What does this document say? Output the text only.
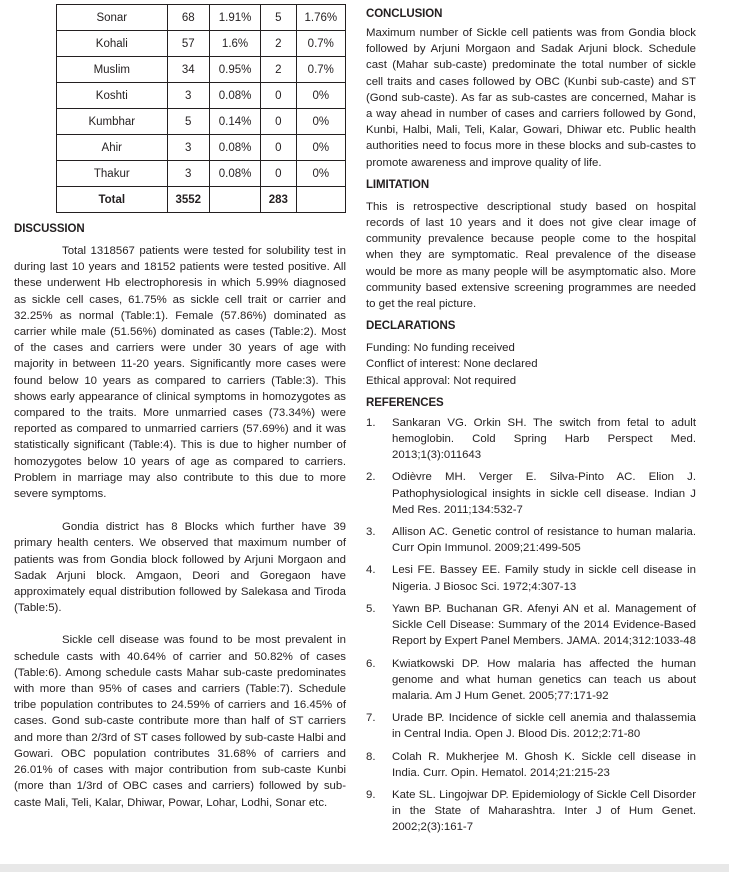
Sonar	68	1.91%	5	1.76%
Kohali	57	1.6%	2	0.7%
Muslim	34	0.95%	2	0.7%
Koshti	3	0.08%	0	0%
Kumbhar	5	0.14%	0	0%
Ahir	3	0.08%	0	0%
Thakur	3	0.08%	0	0%
Total	3552		283	
DISCUSSION

Total 1318567 patients were tested for solubility test in during last 10 years and 18152 patients were tested positive. All these underwent Hb electrophoresis in which 5.99% diagnosed as sickle cell cases, 61.75% as sickle cell trait or carrier and 32.25% as normal (Table:1). Female (57.86%) dominated as carrier while male (51.56%) dominated as cases (Table:2). Most of the cases and carriers were under 30 years of age with majority in between 11-20 years. Significantly more cases were found below 10 years as compared to carriers (Table:3). This shows early appearance of clinical symptoms in homozygotes as compared to the traits. More unmarried cases (73.34%) were reported as compared to unmarried carriers (57.69%) and it was statistically significant (Table:4). This is due to higher number of homozygotes below 10 years of age as compared to carriers. Problem in marriage may also contribute to this due to more severe symptoms.

Gondia district has 8 Blocks which further have 39 primary health centers. We observed that maximum number of patients was from Gondia block followed by Arjuni Morgaon and Sadak Arjuni block. Amgaon, Deori and Goregaon have approximately equal distribution followed by Salekasa and Tiroda (Table:5).

Sickle cell disease was found to be most prevalent in schedule casts with 40.64% of carrier and 50.82% of cases (Table:6). Among schedule casts Mahar sub-caste predominates with more than 95% of cases and carriers (Table:7). Schedule tribe population contributes to 24.59% of carriers and 16.45% of cases. Gond sub-caste contribute more than half of ST carriers and more than 2/3rd of ST cases followed by sub-caste Halbi and Gowari. OBC population contributes 31.68% of carriers and 26.01% of cases with major contribution from sub-caste Kunbi (more than 1/3rd of OBC cases and carriers) followed by sub-caste Mali, Teli, Kalar, Dhiwar, Powar, Lohar, Lodhi, Sonar etc.

CONCLUSION

Maximum number of Sickle cell patients was from Gondia block followed by Arjuni Morgaon and Sadak Arjuni block. Schedule cast (Mahar sub-caste) predominate the total number of sickle cell traits and cases followed by OBC (Kunbi sub-caste) and ST (Gond sub-caste). As far as sub-castes are concerned, Mahar is a way ahead in number of cases and carriers followed by Gond, Kunbi, Halbi, Mali, Teli, Kalar, Gowari, Dhiwar etc. Public health authorities need to focus more in these blocks and sub-castes to promote awareness and improve quality of life.

LIMITATION

This is retrospective descriptional study based on hospital records of last 10 years and it does not give clear image of community prevalence because people come to the hospital when they are symptomatic. Real prevalence of the disease would be more as many people will be asymptomatic also. More community based extensive screening programmes are needed to get the real picture.

DECLARATIONS

Funding: No funding received

Conflict of interest: None declared

Ethical approval: Not required

REFERENCES
1.	Sankaran VG. Orkin SH. The switch from fetal to adult hemoglobin. Cold Spring Harb Perspect Med. 2013;1(3):011643
2.	Odièvre MH. Verger E. Silva-Pinto AC. Elion J. Pathophysiological insights in sickle cell disease. Indian J Med Res. 2011;134:532-7
3.	Allison AC. Genetic control of resistance to human malaria. Curr Opin Immunol. 2009;21:499-505
4.	Lesi FE. Bassey EE. Family study in sickle cell disease in Nigeria. J Biosoc Sci. 1972;4:307-13
5.	Yawn BP. Buchanan GR. Afenyi AN et al. Management of Sickle Cell Disease: Summary of the 2014 Evidence-Based Report by Expert Panel Members. JAMA. 2014;312:1033-48
6.	Kwiatkowski DP. How malaria has affected the human genome and what human genetics can teach us about malaria. Am J Hum Genet. 2005;77:171-92
7.	Urade BP. Incidence of sickle cell anemia and thalassemia in Central India. Open J. Blood Dis. 2012;2:71-80
8.	Colah R. Mukherjee M. Ghosh K. Sickle cell disease in India. Curr. Opin. Hematol. 2014;21:215-23
9.	Kate SL. Lingojwar DP. Epidemiology of Sickle Cell Disorder in the State of Maharashtra. Inter J of Hum Genet. 2002;2(3):161-7
